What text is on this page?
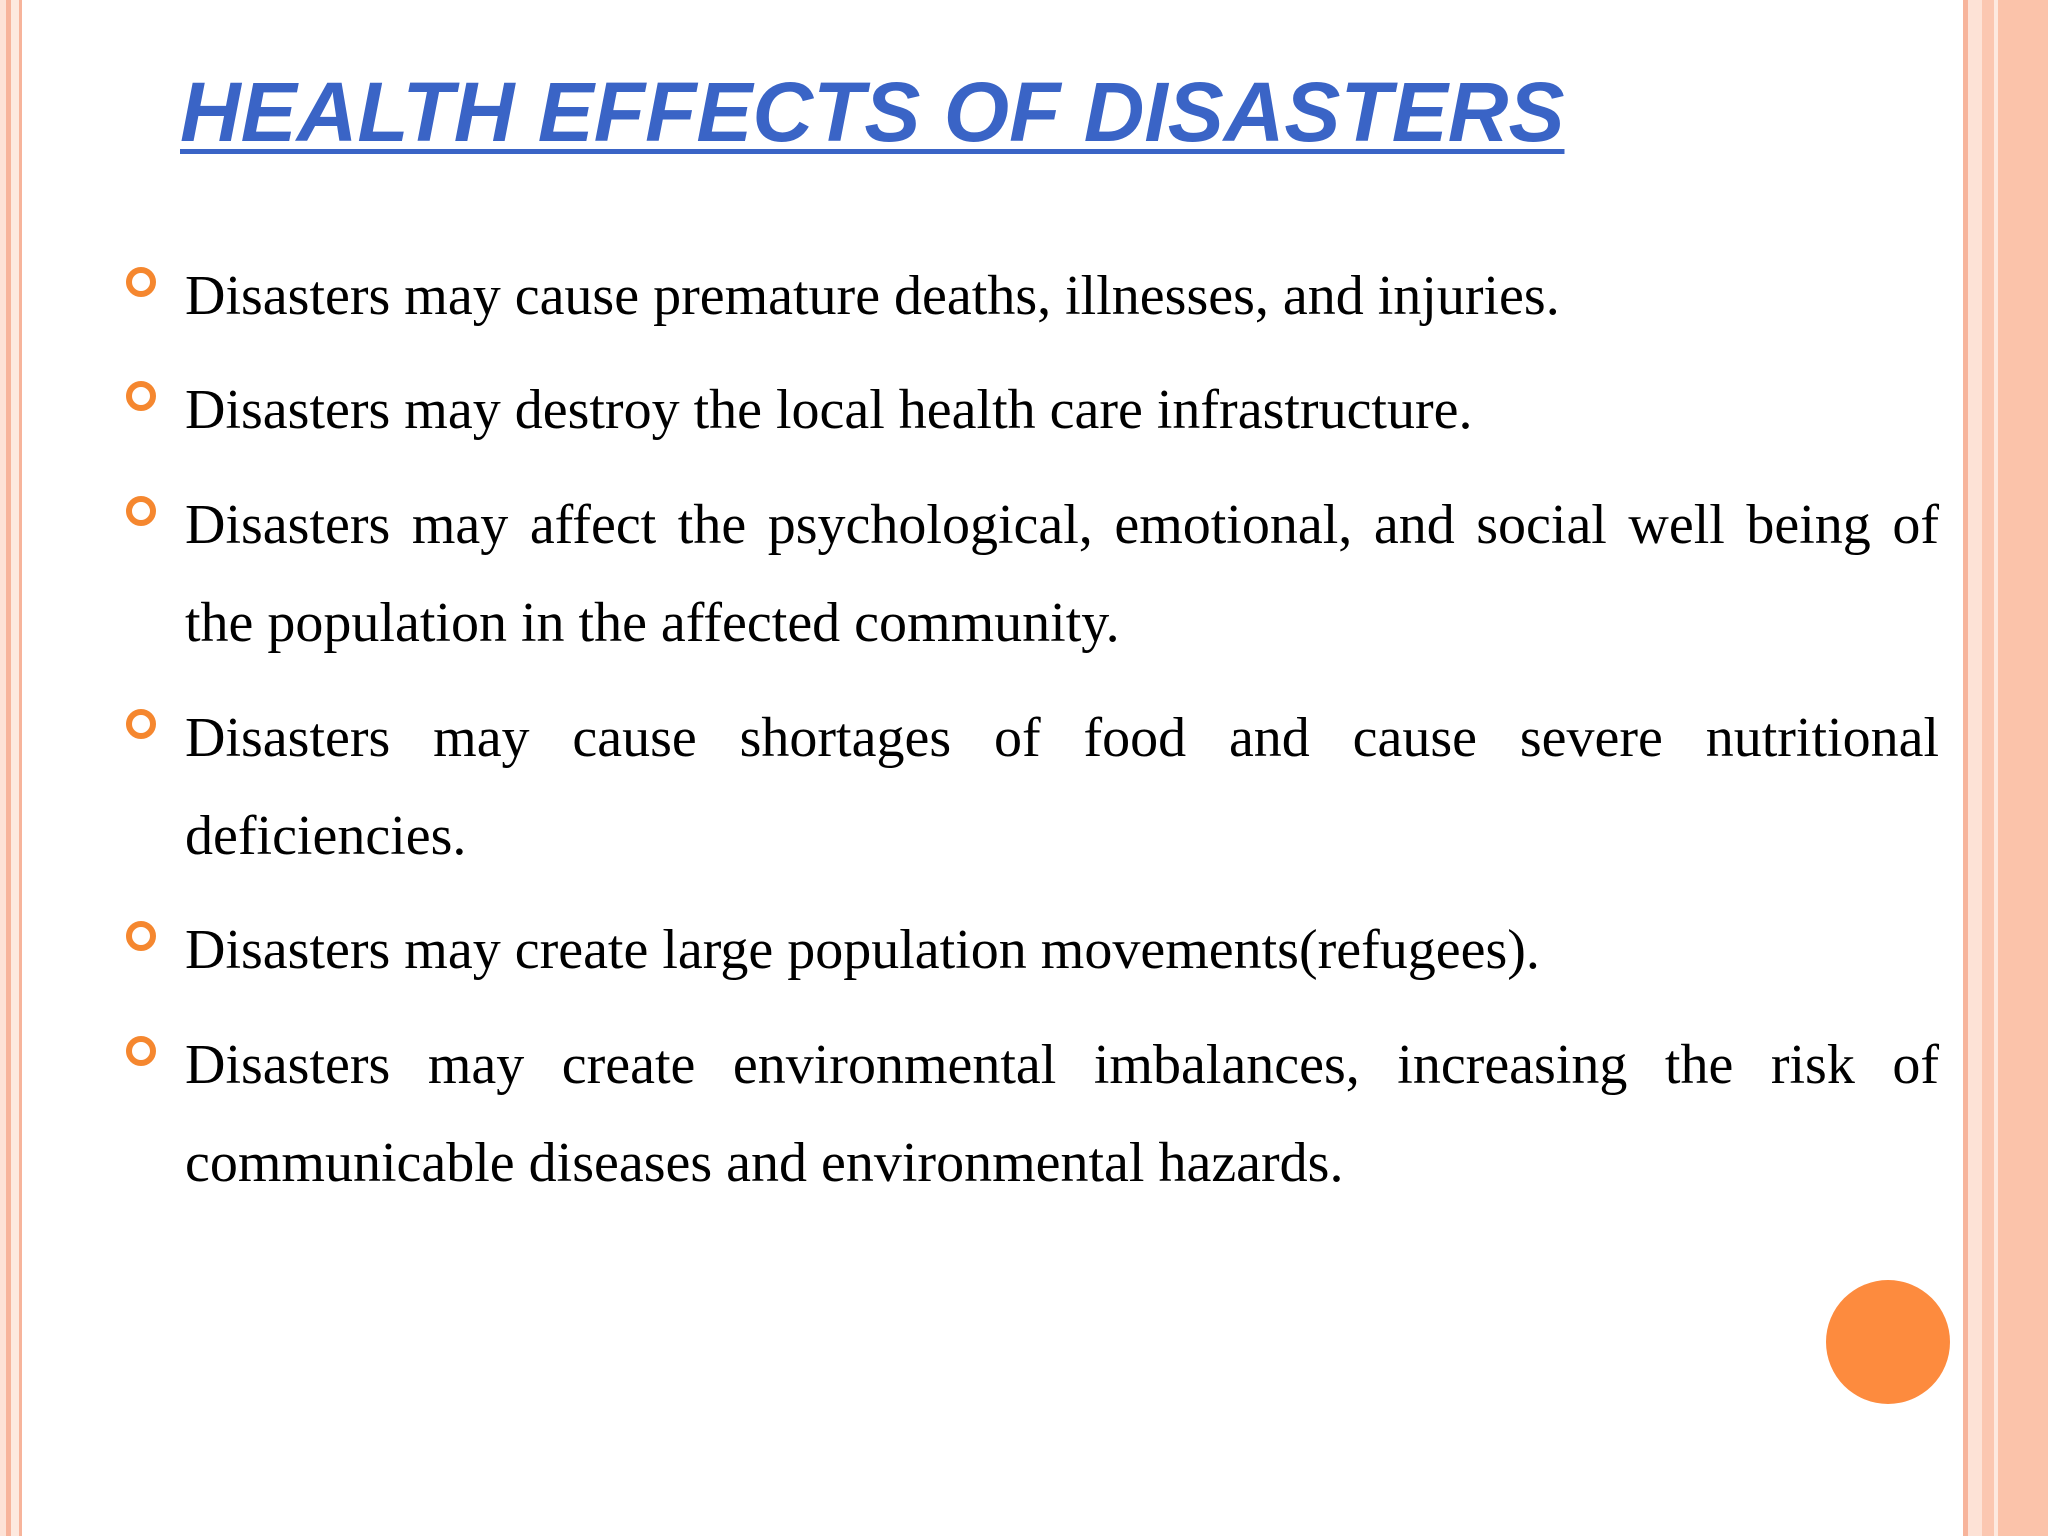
HEALTH EFFECTS OF DISASTERS
Disasters may cause premature deaths, illnesses, and injuries.
Disasters may destroy the local health care infrastructure.
Disasters may affect the psychological, emotional, and social well being of the population in the affected community.
Disasters may cause shortages of food and cause severe nutritional deficiencies.
Disasters may create large population movements(refugees).
Disasters may create environmental imbalances, increasing the risk of communicable diseases and environmental hazards.
